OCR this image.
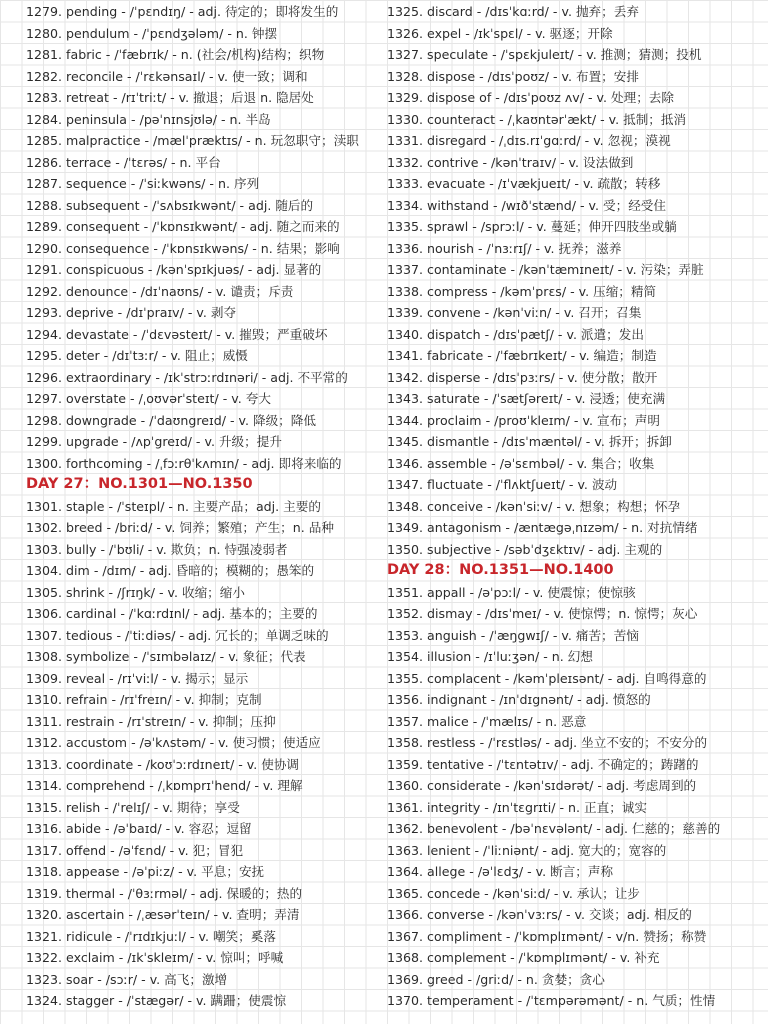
1279. pending - /ˈpɛndɪŋ/ - adj. 待定的；即将发生的
1280. pendulum - /ˈpɛndʒələm/ - n. 钟摆
1281. fabric - /ˈfæbrɪk/ - n. (社会/机构)结构；织物
1282. reconcile - /ˈrɛkənsaɪl/ - v. 使一致；调和
1283. retreat - /rɪˈtriːt/ - v. 撤退；后退 n. 隐居处
1284. peninsula - /pəˈnɪnsjʊlə/ - n. 半岛
1285. malpractice - /mælˈpræktɪs/ - n. 玩忽职守；渎职
1286. terrace - /ˈtɛrəs/ - n. 平台
1287. sequence - /ˈsiːkwəns/ - n. 序列
1288. subsequent - /ˈsʌbsɪkwənt/ - adj. 随后的
1289. consequent - /ˈkɒnsɪkwənt/ - adj. 随之而来的
1290. consequence - /ˈkɒnsɪkwəns/ - n. 结果；影响
1291. conspicuous - /kənˈspɪkjuəs/ - adj. 显著的
1292. denounce - /dɪˈnaʊns/ - v. 谴责；斥责
1293. deprive - /dɪˈpraɪv/ - v. 剥夺
1294. devastate - /ˈdɛvəsteɪt/ - v. 摧毁；严重破坏
1295. deter - /dɪˈtɜːr/ - v. 阻止；威慑
1296. extraordinary - /ɪkˈstrɔːrdɪnəri/ - adj. 不平常的
1297. overstate - /ˌoʊvərˈsteɪt/ - v. 夸大
1298. downgrade - /ˈdaʊngreɪd/ - v. 降级；降低
1299. upgrade - /ʌpˈgreɪd/ - v. 升级；提升
1300. forthcoming - /ˌfɔːrθˈkʌmɪn/ - adj. 即将来临的
DAY 27：NO.1301—NO.1350
1301. staple - /ˈsteɪpl/ - n. 主要产品；adj. 主要的
1302. breed - /briːd/ - v. 饲养；繁殖；产生；n. 品种
1303. bully - /ˈbʊli/ - v. 欺负；n. 恃强凌弱者
1304. dim - /dɪm/ - adj. 昏暗的；模糊的；愚笨的
1305. shrink - /ʃrɪŋk/ - v. 收缩；缩小
1306. cardinal - /ˈkɑːrdɪnl/ - adj. 基本的；主要的
1307. tedious - /ˈtiːdiəs/ - adj. 冗长的；单调乏味的
1308. symbolize - /ˈsɪmbəlaɪz/ - v. 象征；代表
1309. reveal - /rɪˈviːl/ - v. 揭示；显示
1310. refrain - /rɪˈfreɪn/ - v. 抑制；克制
1311. restrain - /rɪˈstreɪn/ - v. 抑制；压抑
1312. accustom - /əˈkʌstəm/ - v. 使习惯；使适应
1313. coordinate - /koʊˈɔːrdɪneɪt/ - v. 使协调
1314. comprehend - /ˌkɒmprɪˈhend/ - v. 理解
1315. relish - /ˈrelɪʃ/ - v. 期待；享受
1316. abide - /əˈbaɪd/ - v. 容忍；逗留
1317. offend - /əˈfɛnd/ - v. 犯；冒犯
1318. appease - /əˈpiːz/ - v. 平息；安抚
1319. thermal - /ˈθɜːrməl/ - adj. 保暖的；热的
1320. ascertain - /ˌæsərˈteɪn/ - v. 查明；弄清
1321. ridicule - /ˈrɪdɪkjuːl/ - v. 嘲笑；奚落
1322. exclaim - /ɪkˈskleɪm/ - v. 惊叫；呼喊
1323. soar - /sɔːr/ - v. 高飞；激增
1324. stagger - /ˈstægər/ - v. 蹒跚；使震惊
1325. discard - /dɪsˈkɑːrd/ - v. 抛弃；丢弃
1326. expel - /ɪkˈspɛl/ - v. 驱逐；开除
1327. speculate - /ˈspɛkjuleɪt/ - v. 推测；猜测；投机
1328. dispose - /dɪsˈpoʊz/ - v. 布置；安排
1329. dispose of - /dɪsˈpoʊz ʌv/ - v. 处理；去除
1330. counteract - /ˌkaʊntərˈækt/ - v. 抵制；抵消
1331. disregard - /ˌdɪs.rɪˈgɑːrd/ - v. 忽视；漠视
1332. contrive - /kənˈtraɪv/ - v. 设法做到
1333. evacuate - /ɪˈvækjueɪt/ - v. 疏散；转移
1334. withstand - /wɪðˈstænd/ - v. 受；经受住
1335. sprawl - /sprɔːl/ - v. 蔓延；伸开四肢坐或躺
1336. nourish - /ˈnɜːrɪʃ/ - v. 抚养；滋养
1337. contaminate - /kənˈtæmɪneɪt/ - v. 污染；弄脏
1338. compress - /kəmˈprɛs/ - v. 压缩；精简
1339. convene - /kənˈviːn/ - v. 召开；召集
1340. dispatch - /dɪsˈpætʃ/ - v. 派遣；发出
1341. fabricate - /ˈfæbrɪkeɪt/ - v. 编造；制造
1342. disperse - /dɪsˈpɜːrs/ - v. 使分散；散开
1343. saturate - /ˈsætʃəreɪt/ - v. 浸透；使充满
1344. proclaim - /proʊˈkleɪm/ - v. 宣布；声明
1345. dismantle - /dɪsˈmæntəl/ - v. 拆开；拆卸
1346. assemble - /əˈsɛmbəl/ - v. 集合；收集
1347. fluctuate - /ˈflʌktʃueɪt/ - v. 波动
1348. conceive - /kənˈsiːv/ - v. 想象；构想；怀孕
1349. antagonism - /æntægəˌnɪzəm/ - n. 对抗情绪
1350. subjective - /səbˈdʒɛktɪv/ - adj. 主观的
DAY 28：NO.1351—NO.1400
1351. appall - /əˈpɔːl/ - v. 使震惊；使惊骇
1352. dismay - /dɪsˈmeɪ/ - v. 使惊愕；n. 惊愕；灰心
1353. anguish - /ˈæŋgwɪʃ/ - v. 痛苦；苦恼
1354. illusion - /ɪˈluːʒən/ - n. 幻想
1355. complacent - /kəmˈpleɪsənt/ - adj. 自鸣得意的
1356. indignant - /ɪnˈdɪgnənt/ - adj. 愤怒的
1357. malice - /ˈmælɪs/ - n. 恶意
1358. restless - /ˈrɛstləs/ - adj. 坐立不安的；不安分的
1359. tentative - /ˈtɛntətɪv/ - adj. 不确定的；踌躇的
1360. considerate - /kənˈsɪdərət/ - adj. 考虑周到的
1361. integrity - /ɪnˈtɛgrɪti/ - n. 正直；诚实
1362. benevolent - /bəˈnɛvələnt/ - adj. 仁慈的；慈善的
1363. lenient - /ˈliːniənt/ - adj. 宽大的；宽容的
1364. allege - /əˈlɛdʒ/ - v. 断言；声称
1365. concede - /kənˈsiːd/ - v. 承认；让步
1366. converse - /kənˈvɜːrs/ - v. 交谈；adj. 相反的
1367. compliment - /ˈkɒmplɪmənt/ - v/n. 赞扬；称赞
1368. complement - /ˈkɒmplɪmənt/ - v. 补充
1369. greed - /griːd/ - n. 贪婪；贪心
1370. temperament - /ˈtɛmpərəmənt/ - n. 气质；性情
